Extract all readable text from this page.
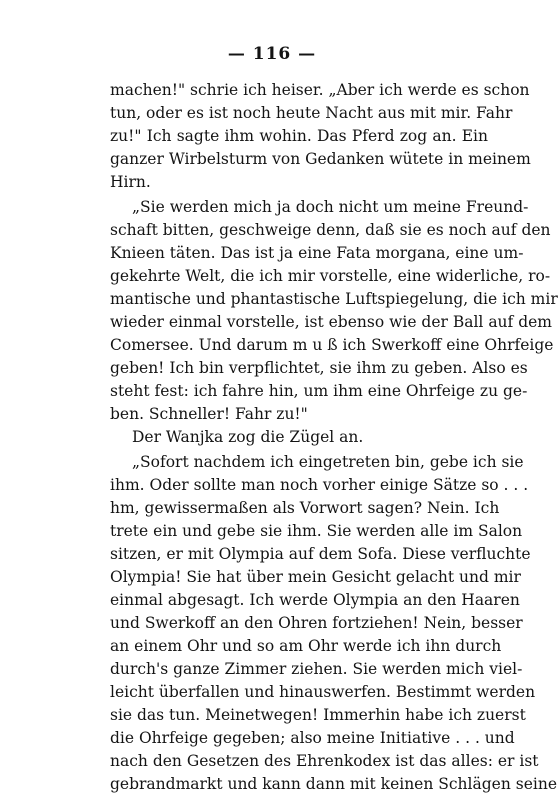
— 116 —
machen!" schrie ich heiser. „Aber ich werde es schon
tun, oder es ist noch heute Nacht aus mit mir. Fahr
zu!" Ich sagte ihm wohin. Das Pferd zog an. Ein
ganzer Wirbelsturm von Gedanken wütete in meinem
Hirn.
„Sie werden mich ja doch nicht um meine Freund-
schaft bitten, geschweige denn, daß sie es noch auf den
Knieen täten. Das ist ja eine Fata morgana, eine um-
gekehrte Welt, die ich mir vorstelle, eine widerliche, ro-
mantische und phantastische Luftspiegelung, die ich mir
wieder einmal vorstelle, ist ebenso wie der Ball auf dem
Comersee. Und darum m u ß ich Swerkoff eine Ohrfeige
geben! Ich bin verpflichtet, sie ihm zu geben. Also es
steht fest: ich fahre hin, um ihm eine Ohrfeige zu ge-
ben. Schneller! Fahr zu!"
Der Wanjka zog die Zügel an.
„Sofort nachdem ich eingetreten bin, gebe ich sie
ihm. Oder sollte man noch vorher einige Sätze so . . .
hm, gewissermaßen als Vorwort sagen? Nein. Ich
trete ein und gebe sie ihm. Sie werden alle im Salon
sitzen, er mit Olympia auf dem Sofa. Diese verfluchte
Olympia! Sie hat über mein Gesicht gelacht und mir
einmal abgesagt. Ich werde Olympia an den Haaren
und Swerkoff an den Ohren fortziehen! Nein, besser
an einem Ohr und so am Ohr werde ich ihn durch
durch's ganze Zimmer ziehen. Sie werden mich viel-
leicht überfallen und hinauswerfen. Bestimmt werden
sie das tun. Meinetwegen! Immerhin habe ich zuerst
die Ohrfeige gegeben; also meine Initiative . . . und
nach den Gesetzen des Ehrenkodex ist das alles: er ist
gebrandmarkt und kann dann mit keinen Schlägen seine
